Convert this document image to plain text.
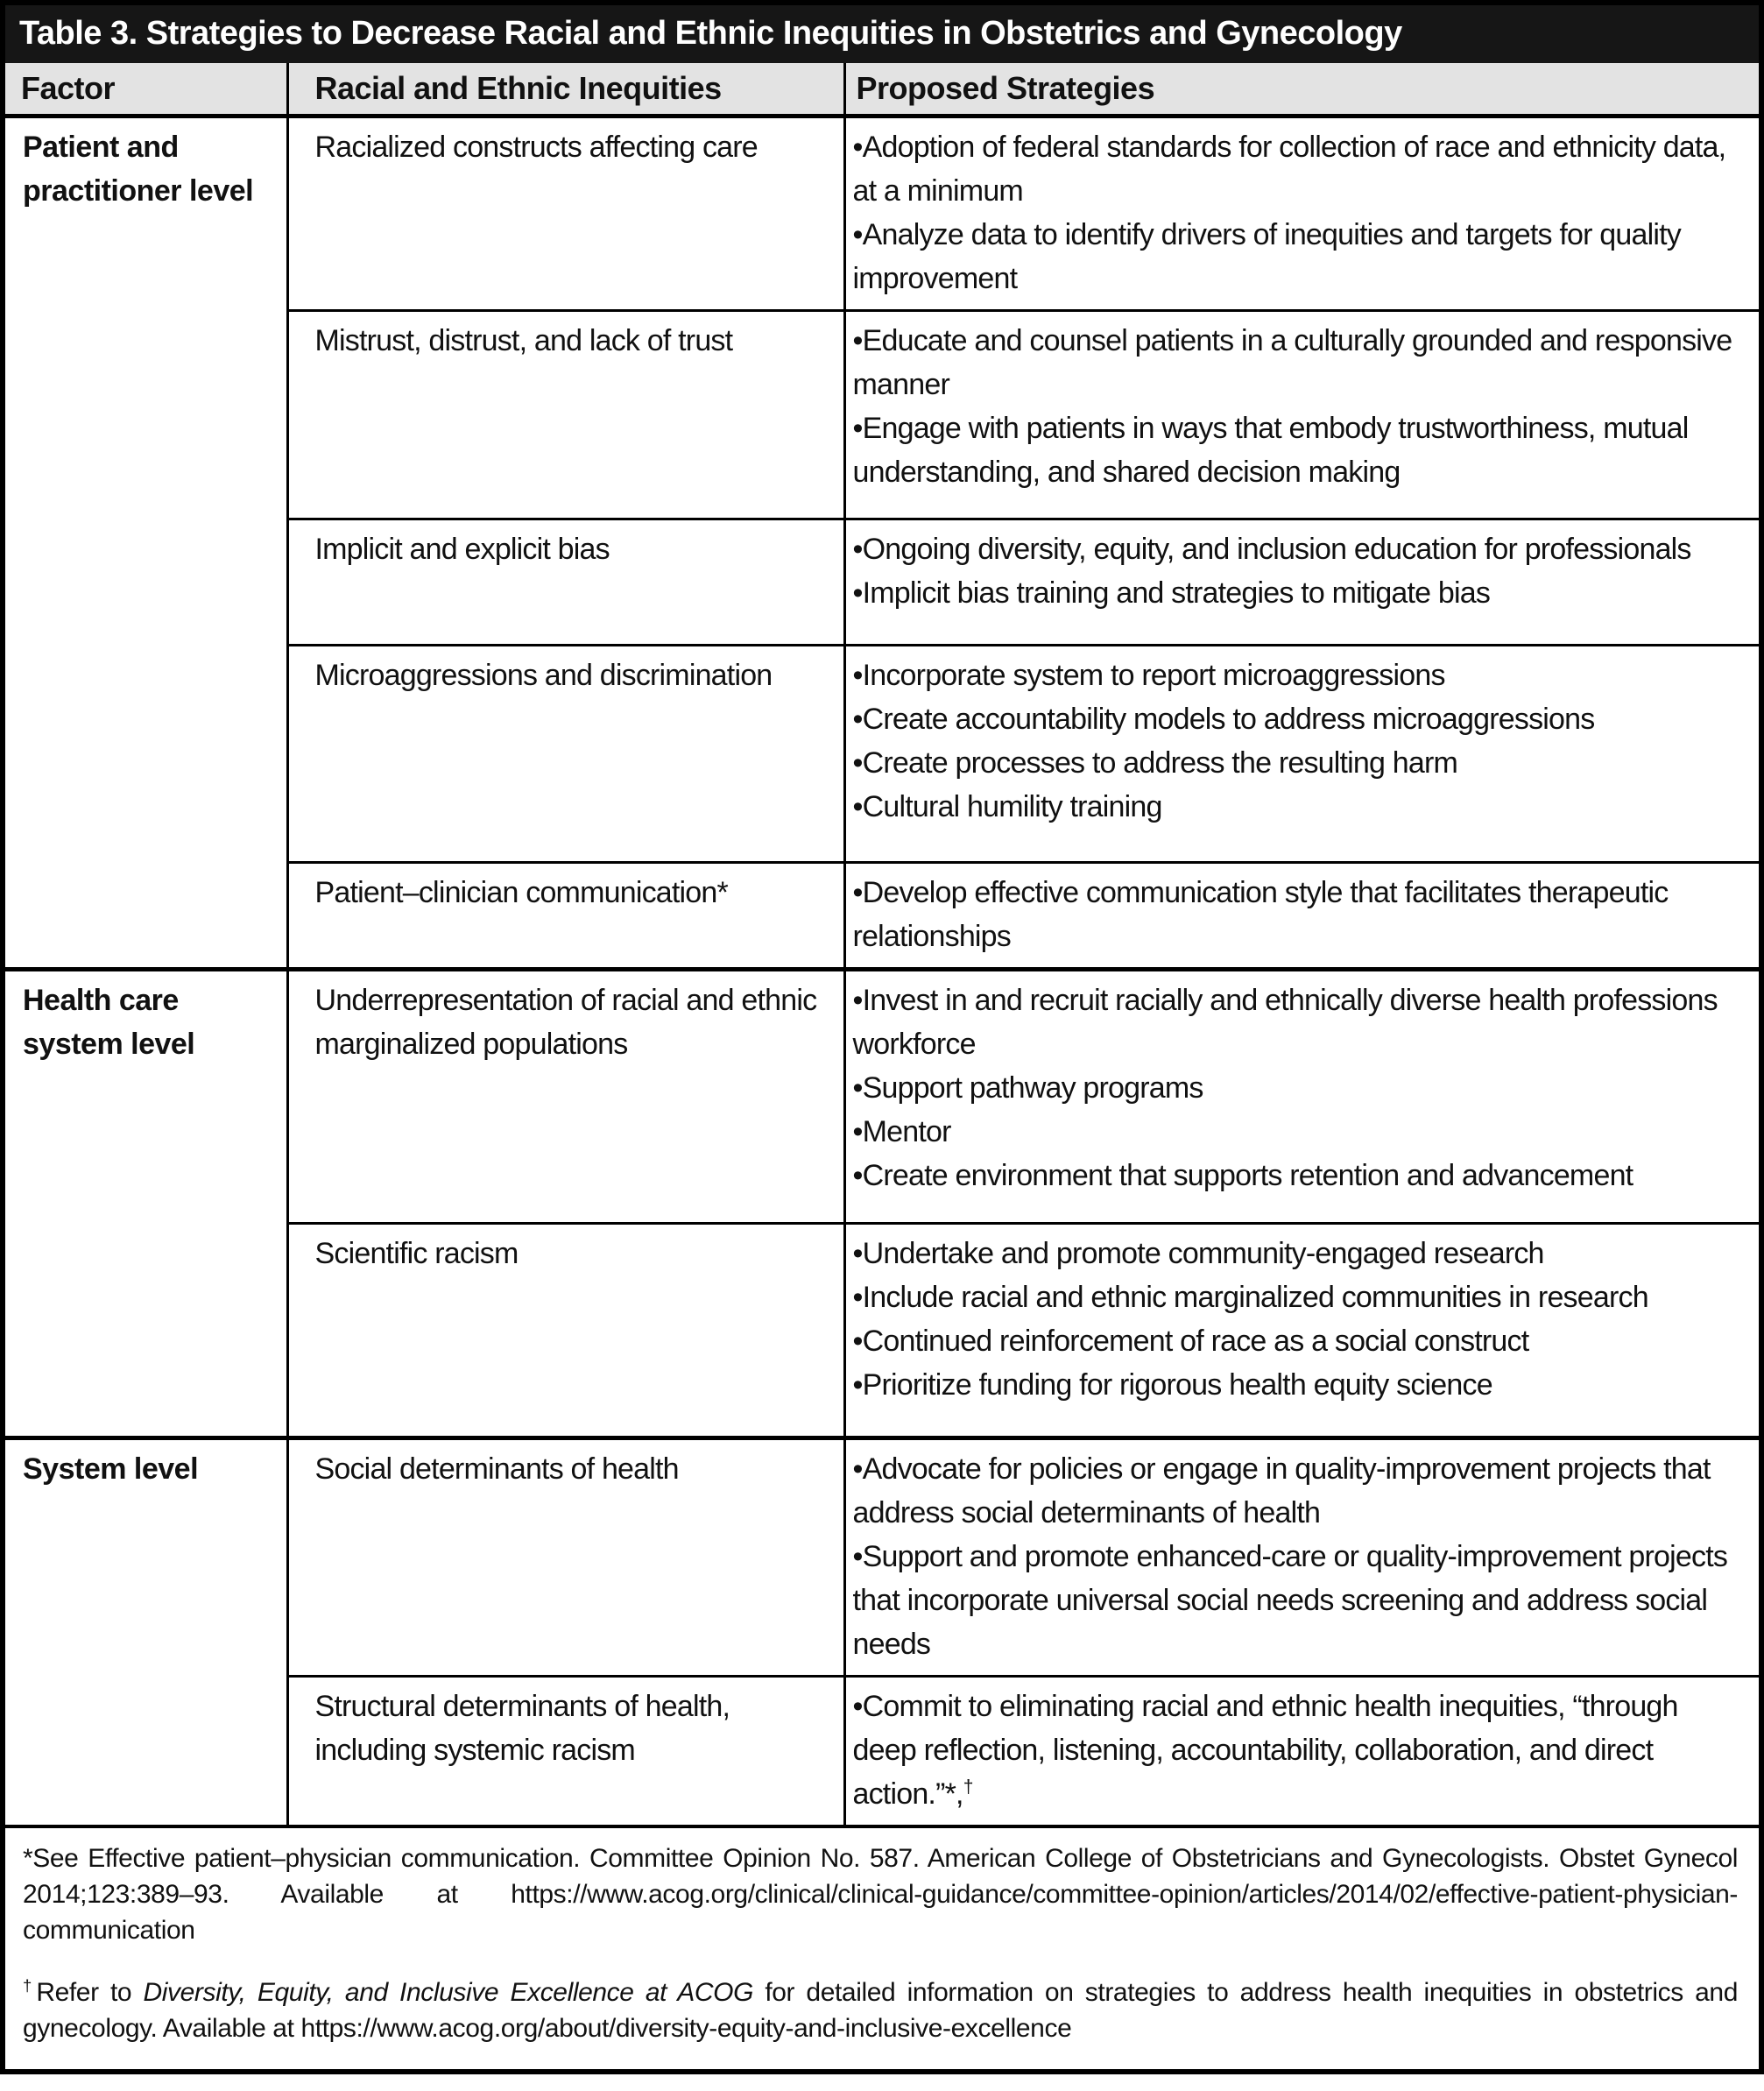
Table 3. Strategies to Decrease Racial and Ethnic Inequities in Obstetrics and Gynecology
Factor	Racial and Ethnic Inequities	Proposed Strategies
Patient and practitioner level	Racialized constructs affecting care	•Adoption of federal standards for collection of race and ethnicity data, at a minimum
•Analyze data to identify drivers of inequities and targets for quality improvement

	Mistrust, distrust, and lack of trust	•Educate and counsel patients in a culturally grounded and responsive manner
•Engage with patients in ways that embody trustworthiness, mutual understanding, and shared decision making

	Implicit and explicit bias	•Ongoing diversity, equity, and inclusion education for professionals
•Implicit bias training and strategies to mitigate bias

	Microaggressions and discrimination	•Incorporate system to report microaggressions
•Create accountability models to address microaggressions
•Create processes to address the resulting harm
•Cultural humility training

	Patient–clinician communication*	•Develop effective communication style that facilitates therapeutic relationships

Health care system level	Underrepresentation of racial and ethnic marginalized populations	•Invest in and recruit racially and ethnically diverse health professions workforce
•Support pathway programs
•Mentor
•Create environment that supports retention and advancement

	Scientific racism	•Undertake and promote community-engaged research
•Include racial and ethnic marginalized communities in research
•Continued reinforcement of race as a social construct
•Prioritize funding for rigorous health equity science

System level	Social determinants of health	•Advocate for policies or engage in quality-improvement projects that address social determinants of health
•Support and promote enhanced-care or quality-improvement projects that incorporate universal social needs screening and address social needs

	Structural determinants of health, including systemic racism	•Commit to eliminating racial and ethnic health inequities, “through deep reflection, listening, accountability, collaboration, and direct action.”*,†
*See Effective patient–physician communication. Committee Opinion No. 587. American College of Obstetricians and Gynecologists. Obstet Gynecol 2014;123:389–93. Available at https://www.acog.org/clinical/clinical-guidance/committee-opinion/articles/2014/02/effective-patient-physician-communication
†Refer to Diversity, Equity, and Inclusive Excellence at ACOG for detailed information on strategies to address health inequities in obstetrics and gynecology. Available at https://www.acog.org/about/diversity-equity-and-inclusive-excellence
